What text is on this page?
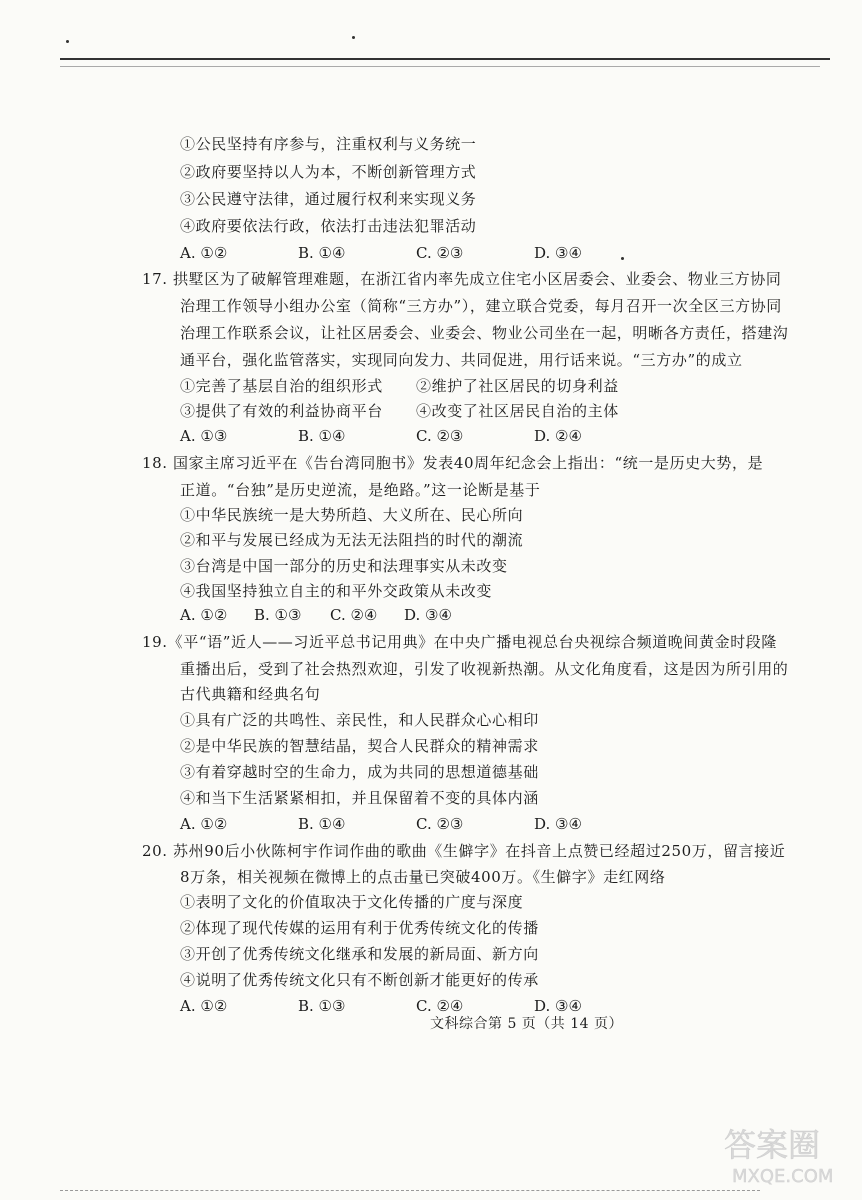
①公民坚持有序参与，注重权利与义务统一
②政府要坚持以人为本，不断创新管理方式
③公民遵守法律，通过履行权利来实现义务
④政府要依法行政，依法打击违法犯罪活动
A. ①②	B. ①④	C. ②③	D. ③④
17. 拱墅区为了破解管理难题，在浙江省内率先成立住宅小区居委会、业委会、物业三方协同
治理工作领导小组办公室（简称“三方办”），建立联合党委，每月召开一次全区三方协同
治理工作联系会议，让社区居委会、业委会、物业公司坐在一起，明晰各方责任，搭建沟
通平台，强化监管落实，实现同向发力、共同促进，用行话来说。“三方办”的成立
①完善了基层自治的组织形式 ②维护了社区居民的切身利益
③提供了有效的利益协商平台 ④改变了社区居民自治的主体
A. ①③	B. ①④	C. ②③	D. ②④
18. 国家主席习近平在《告台湾同胞书》发表40周年纪念会上指出：“统一是历史大势，是
正道。“台独”是历史逆流，是绝路。”这一论断是基于
①中华民族统一是大势所趋、大义所在、民心所向
②和平与发展已经成为无法无法阻挡的时代的潮流
③台湾是中国一部分的历史和法理事实从未改变
④我国坚持独立自主的和平外交政策从未改变
A. ①② B. ①③ C. ②④ D. ③④
19.《平“语”近人——习近平总书记用典》在中央广播电视总台央视综合频道晚间黄金时段隆
重播出后，受到了社会热烈欢迎，引发了收视新热潮。从文化角度看，这是因为所引用的
古代典籍和经典名句
①具有广泛的共鸣性、亲民性，和人民群众心心相印
②是中华民族的智慧结晶，契合人民群众的精神需求
③有着穿越时空的生命力，成为共同的思想道德基础
④和当下生活紧紧相扣，并且保留着不变的具体内涵
A. ①②	B. ①④	C. ②③	D. ③④
20. 苏州90后小伙陈柯宇作词作曲的歌曲《生僻字》在抖音上点赞已经超过250万，留言接近
8万条，相关视频在微博上的点击量已突破400万。《生僻字》走红网络
①表明了文化的价值取决于文化传播的广度与深度
②体现了现代传媒的运用有利于优秀传统文化的传播
③开创了优秀传统文化继承和发展的新局面、新方向
④说明了优秀传统文化只有不断创新才能更好的传承
A. ①②	B. ①③	C. ②④	D. ③④
文科综合第 5 页（共 14 页）
答案圈
MXQE.COM
